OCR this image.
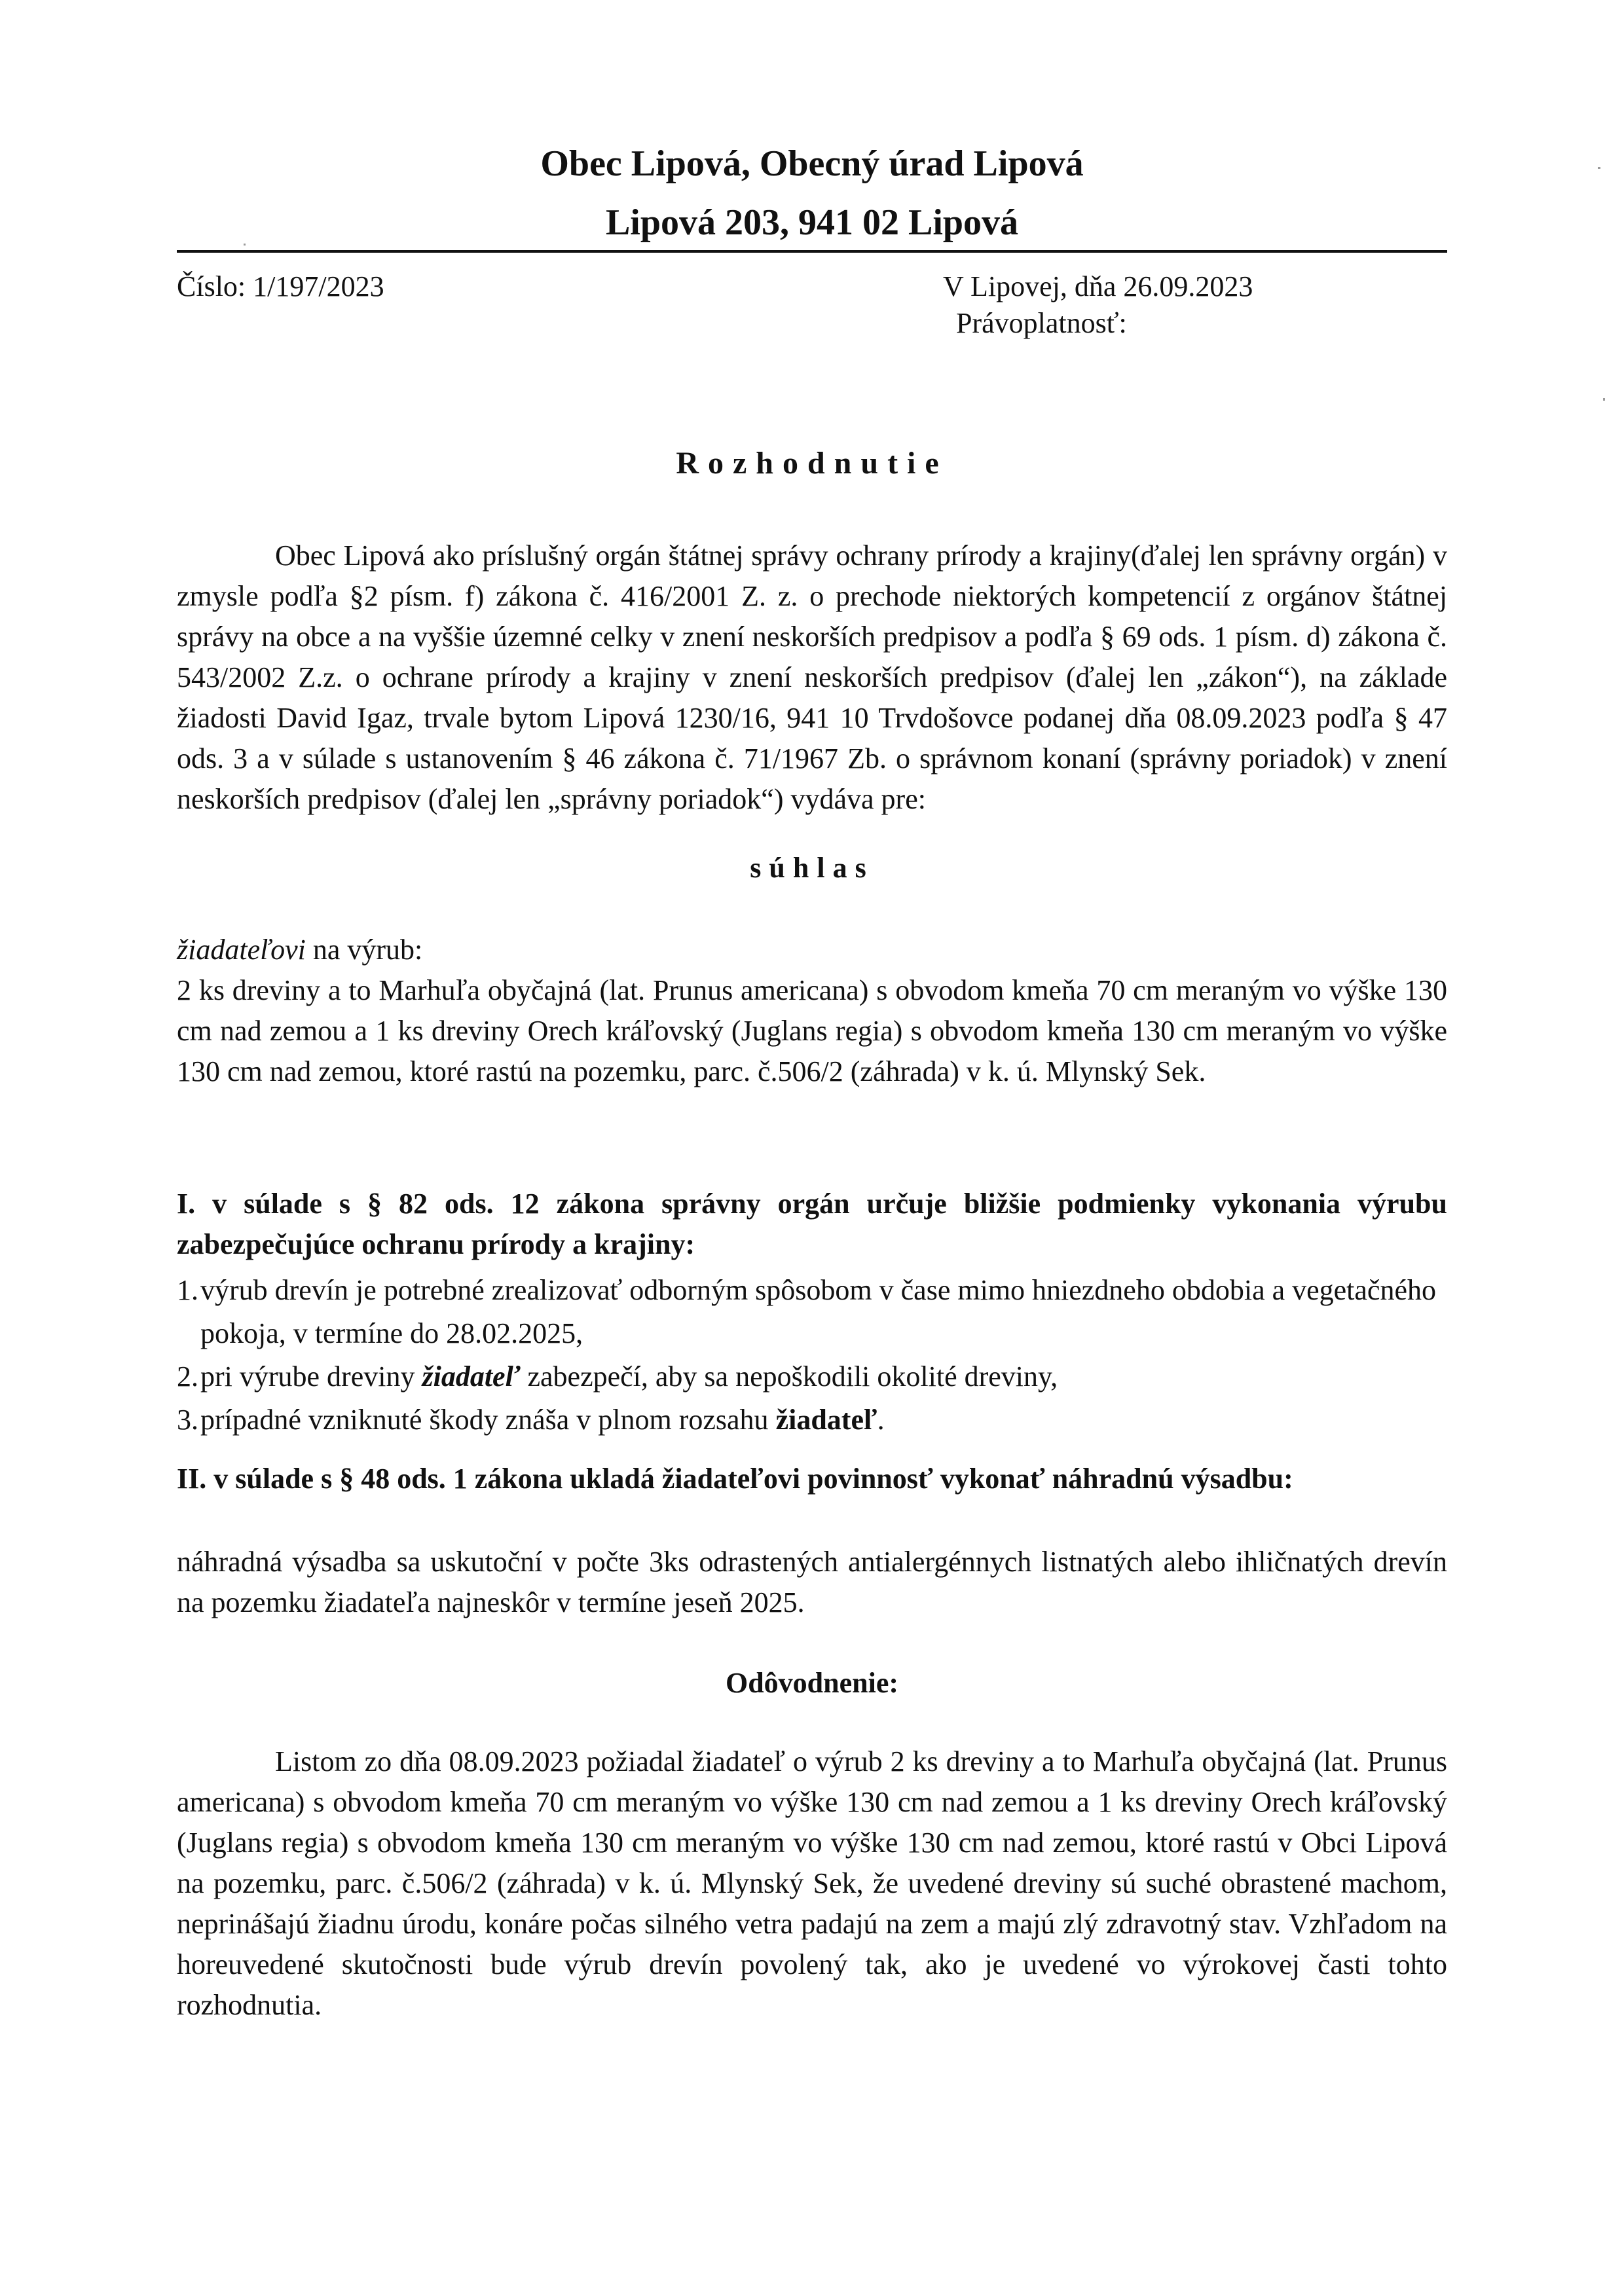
Obec Lipová, Obecný úrad Lipová
Lipová 203, 941 02 Lipová
Číslo: 1/197/2023	V Lipovej, dňa 26.09.2023
Právoplatnosť:
Rozhodnutie

Obec Lipová ako príslušný orgán štátnej správy ochrany prírody a krajiny(ďalej len správny orgán) v zmysle podľa §2 písm. f) zákona č. 416/2001 Z. z. o prechode niektorých kompetencií z orgánov štátnej správy na obce a na vyššie územné celky v znení neskorších predpisov a podľa § 69 ods. 1 písm. d) zákona č. 543/2002 Z.z. o ochrane prírody a krajiny v znení neskorších predpisov (ďalej len „zákon“), na základe žiadosti David Igaz, trvale bytom Lipová 1230/16, 941 10 Trvdošovce podanej dňa 08.09.2023 podľa § 47 ods. 3 a v súlade s ustanovením § 46 zákona č. 71/1967 Zb. o správnom konaní (správny poriadok) v znení neskorších predpisov (ďalej len „správny poriadok“) vydáva pre:

súhlas

žiadateľovi na výrub:

2 ks dreviny a to Marhuľa obyčajná (lat. Prunus americana) s obvodom kmeňa 70 cm meraným vo výške 130 cm nad zemou a 1 ks dreviny Orech kráľovský (Juglans regia) s obvodom kmeňa 130 cm meraným vo výške 130 cm nad zemou, ktoré rastú na pozemku, parc. č.506/2 (záhrada) v k. ú. Mlynský Sek.

I. v súlade s § 82 ods. 12 zákona správny orgán určuje bližšie podmienky vykonania výrubu zabezpečujúce ochranu prírody a krajiny:

1. výrub drevín je potrebné zrealizovať odborným spôsobom v čase mimo hniezdneho obdobia a vegetačného pokoja, v termíne do 28.02.2025,
2. pri výrube dreviny žiadateľ zabezpečí, aby sa nepoškodili okolité dreviny,
3. prípadné vzniknuté škody znáša v plnom rozsahu žiadateľ.

II. v súlade s § 48 ods. 1 zákona ukladá žiadateľovi povinnosť vykonať náhradnú výsadbu:

náhradná výsadba sa uskutoční v počte 3ks odrastených antialergénnych listnatých alebo ihličnatých drevín na pozemku žiadateľa najneskôr v termíne jeseň 2025.

Odôvodnenie:

Listom zo dňa 08.09.2023 požiadal žiadateľ o výrub 2 ks dreviny a to Marhuľa obyčajná (lat. Prunus americana) s obvodom kmeňa 70 cm meraným vo výške 130 cm nad zemou a 1 ks dreviny Orech kráľovský (Juglans regia) s obvodom kmeňa 130 cm meraným vo výške 130 cm nad zemou, ktoré rastú v Obci Lipová na pozemku, parc. č.506/2 (záhrada) v k. ú. Mlynský Sek, že uvedené dreviny sú suché obrastené machom, neprinášajú žiadnu úrodu, konáre počas silného vetra padajú na zem a majú zlý zdravotný stav. Vzhľadom na horeuvedené skutočnosti bude výrub drevín povolený tak, ako je uvedené vo výrokovej časti tohto rozhodnutia.
